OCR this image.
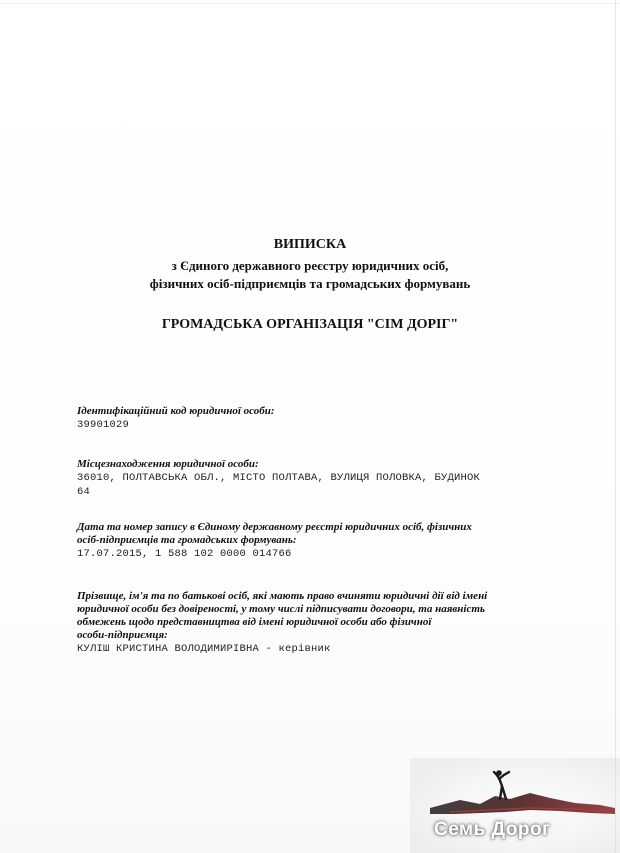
ВИПИСКА
з Єдиного державного реєстру юридичних осіб,
фізичних осіб-підприємців та громадських формувань
ГРОМАДСЬКА ОРГАНІЗАЦІЯ "СІМ ДОРІГ"
Ідентифікаційний код юридичної особи:
39901029
Місцезнаходження юридичної особи:
36010, ПОЛТАВСЬКА ОБЛ., МІСТО ПОЛТАВА, ВУЛИЦЯ ПОЛОВКА, БУДИНОК
64
Дата та номер запису в Єдиному державному реєстрі юридичних осіб, фізичних
осіб-підприємців та громадських формувань:
17.07.2015, 1 588 102 0000 014766
Прізвище, ім'я та по батькові осіб, які мають право вчиняти юридичні дії від імені
юридичної особи без довіреності, у тому числі підписувати договори, та наявність
обмежень щодо представництва від імені юридичної особи або фізичної
особи-підприємця:
КУЛІШ КРИСТИНА ВОЛОДИМИРІВНА - керівник
Семь Дорог
